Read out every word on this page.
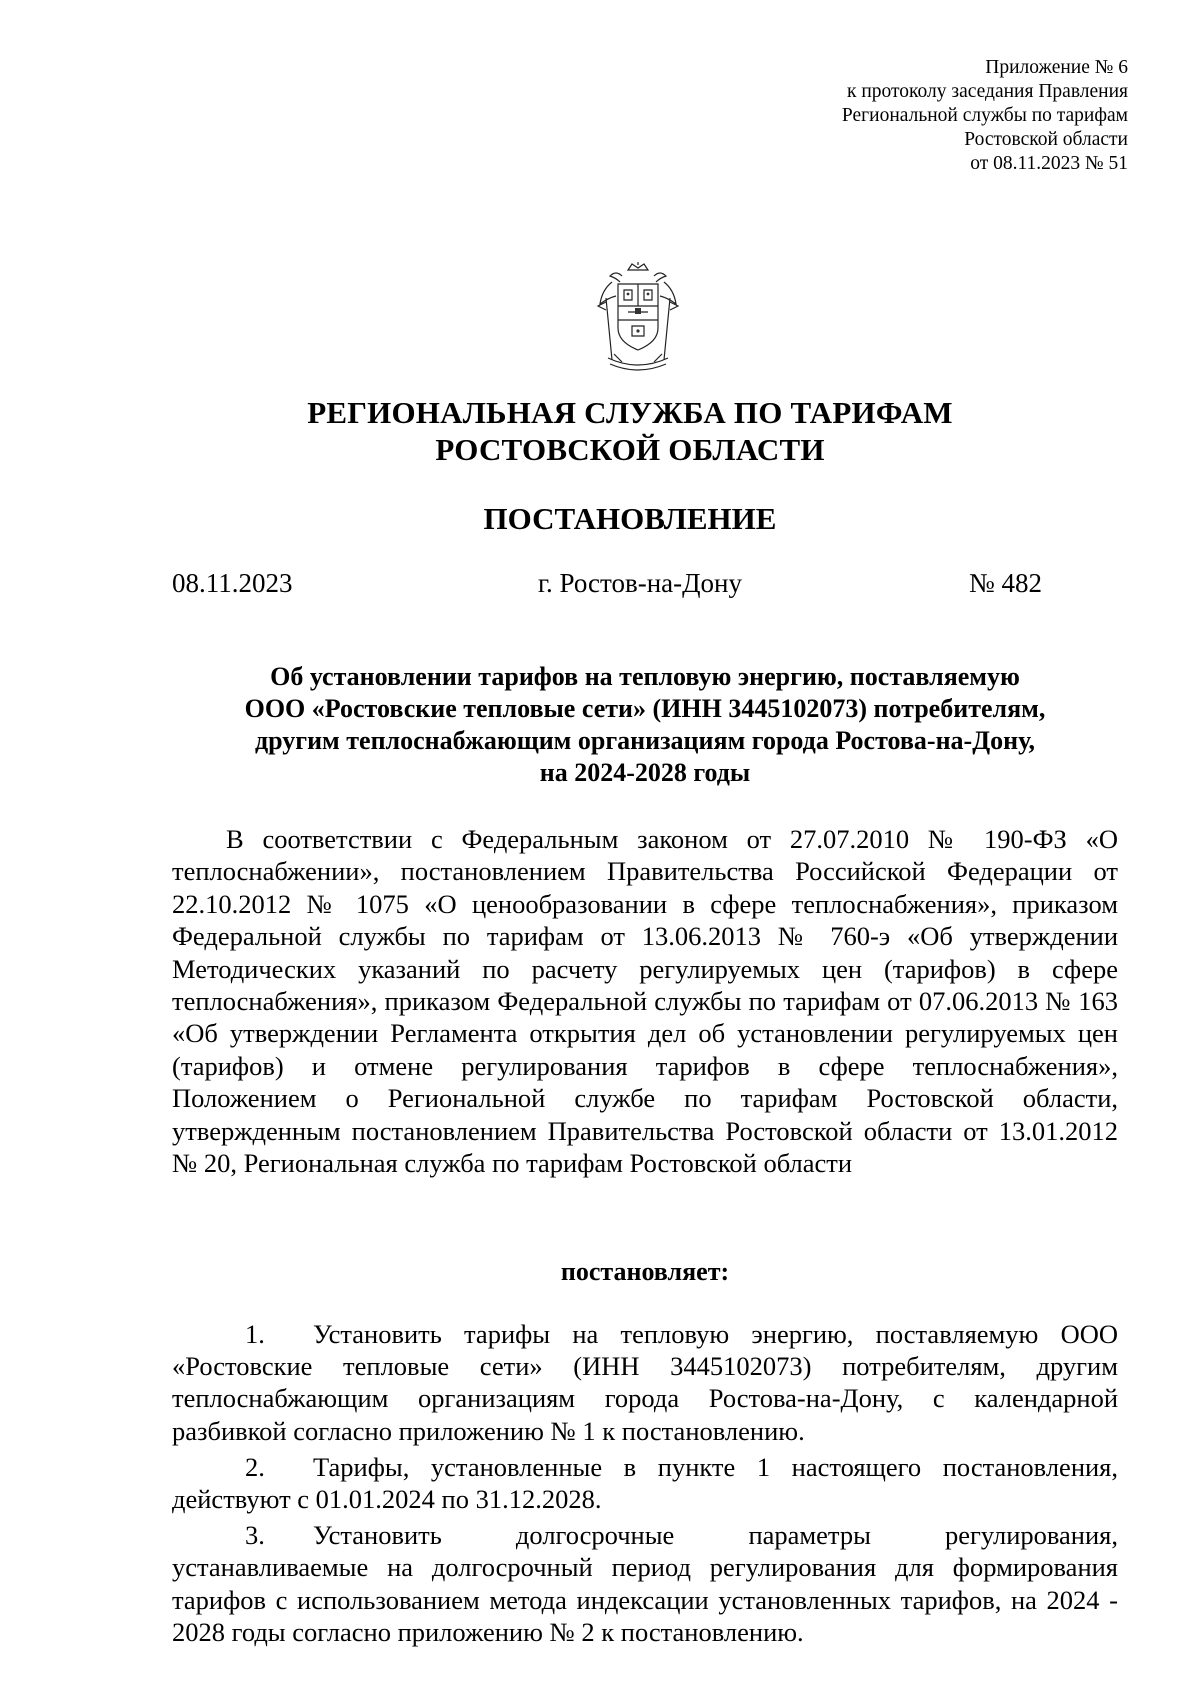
Приложение № 6
к протоколу заседания Правления
Региональной службы по тарифам
Ростовской области
от 08.11.2023 № 51
РЕГИОНАЛЬНАЯ СЛУЖБА ПО ТАРИФАМ
РОСТОВСКОЙ ОБЛАСТИ
ПОСТАНОВЛЕНИЕ
08.11.2023	г. Ростов-на-Дону	№ 482
Об установлении тарифов на тепловую энергию, поставляемую
ООО «Ростовские тепловые сети» (ИНН 3445102073) потребителям,
другим теплоснабжающим организациям города Ростова-на-Дону,
на 2024-2028 годы
В соответствии с Федеральным законом от 27.07.2010 № 190-ФЗ «О теплоснабжении», постановлением Правительства Российской Федерации от 22.10.2012 № 1075 «О ценообразовании в сфере теплоснабжения», приказом Федеральной службы по тарифам от 13.06.2013 № 760-э «Об утверждении Методических указаний по расчету регулируемых цен (тарифов) в сфере теплоснабжения», приказом Федеральной службы по тарифам от 07.06.2013 № 163 «Об утверждении Регламента открытия дел об установлении регулируемых цен (тарифов) и отмене регулирования тарифов в сфере теплоснабжения», Положением о Региональной службе по тарифам Ростовской области, утвержденным постановлением Правительства Ростовской области от 13.01.2012 № 20, Региональная служба по тарифам Ростовской области
постановляет:

1. Установить тарифы на тепловую энергию, поставляемую ООО «Ростовские тепловые сети» (ИНН 3445102073) потребителям, другим теплоснабжающим организациям города Ростова-на-Дону, с календарной разбивкой согласно приложению № 1 к постановлению.

2. Тарифы, установленные в пункте 1 настоящего постановления, действуют с 01.01.2024 по 31.12.2028.

3. Установить долгосрочные параметры регулирования, устанавливаемые на долгосрочный период регулирования для формирования тарифов с использованием метода индексации установленных тарифов, на 2024 - 2028 годы согласно приложению № 2 к постановлению.
